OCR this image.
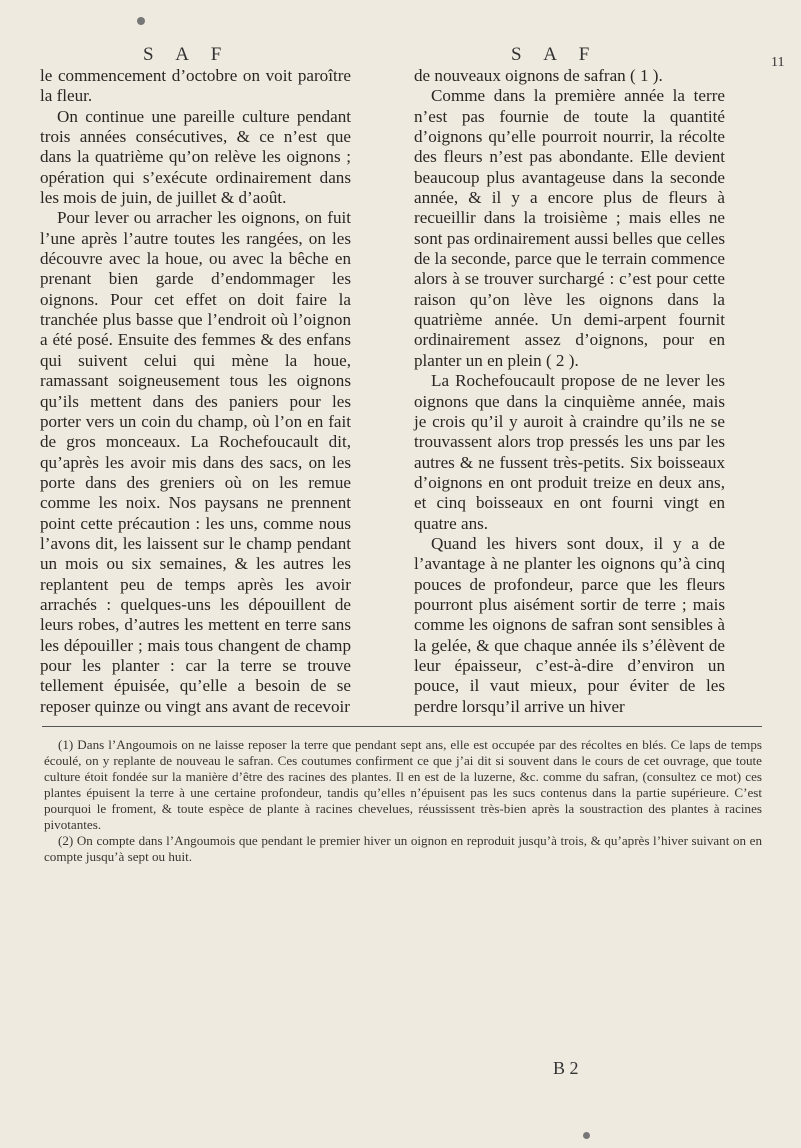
S A F	S A F	11

le commencement d’octobre on voit paroître la fleur.

On continue une pareille culture pendant trois années consécutives, & ce n’est que dans la quatrième qu’on relève les oignons ; opération qui s’exécute ordinairement dans les mois de juin, de juillet & d’août.

Pour lever ou arracher les oignons, on fuit l’une après l’autre toutes les rangées, on les découvre avec la houe, ou avec la bêche en prenant bien garde d’endommager les oignons. Pour cet effet on doit faire la tranchée plus basse que l’endroit où l’oignon a été posé. Ensuite des femmes & des enfans qui suivent celui qui mène la houe, ramassant soigneusement tous les oignons qu’ils mettent dans des paniers pour les porter vers un coin du champ, où l’on en fait de gros monceaux. La Rochefoucault dit, qu’après les avoir mis dans des sacs, on les porte dans des greniers où on les remue comme les noix. Nos paysans ne prennent point cette précaution : les uns, comme nous l’avons dit, les laissent sur le champ pendant un mois ou six semaines, & les autres les replantent peu de temps après les avoir arrachés : quelques-uns les dépouillent de leurs robes, d’autres les mettent en terre sans les dépouiller ; mais tous changent de champ pour les planter : car la terre se trouve tellement épuisée, qu’elle a besoin de se reposer quinze ou vingt ans avant de recevoir

de nouveaux oignons de safran ( 1 ).

Comme dans la première année la terre n’est pas fournie de toute la quantité d’oignons qu’elle pourroit nourrir, la récolte des fleurs n’est pas abondante. Elle devient beaucoup plus avantageuse dans la seconde année, & il y a encore plus de fleurs à recueillir dans la troisième ; mais elles ne sont pas ordinairement aussi belles que celles de la seconde, parce que le terrain commence alors à se trouver surchargé : c’est pour cette raison qu’on lève les oignons dans la quatrième année. Un demi-arpent fournit ordinairement assez d’oignons, pour en planter un en plein ( 2 ).

La Rochefoucault propose de ne lever les oignons que dans la cinquième année, mais je crois qu’il y auroit à craindre qu’ils ne se trouvassent alors trop pressés les uns par les autres & ne fussent très-petits. Six boisseaux d’oignons en ont produit treize en deux ans, et cinq boisseaux en ont fourni vingt en quatre ans.

Quand les hivers sont doux, il y a de l’avantage à ne planter les oignons qu’à cinq pouces de profondeur, parce que les fleurs pourront plus aisément sortir de terre ; mais comme les oignons de safran sont sensibles à la gelée, & que chaque année ils s’élèvent de leur épaisseur, c’est-à-dire d’environ un pouce, il vaut mieux, pour éviter de les perdre lorsqu’il arrive un hiver

(1) Dans l’Angoumois on ne laisse reposer la terre que pendant sept ans, elle est occupée par des récoltes en blés. Ce laps de temps écoulé, on y replante de nouveau le safran. Ces coutumes confirment ce que j’ai dit si souvent dans le cours de cet ouvrage, que toute culture étoit fondée sur la manière d’être des racines des plantes. Il en est de la luzerne, &c. comme du safran, (consultez ce mot) ces plantes épuisent la terre à une certaine profondeur, tandis qu’elles n’épuisent pas les sucs contenus dans la partie supérieure. C’est pourquoi le froment, & toute espèce de plante à racines chevelues, réussissent très-bien après la soustraction des plantes à racines pivotantes.

(2) On compte dans l’Angoumois que pendant le premier hiver un oignon en reproduit jusqu’à trois, & qu’après l’hiver suivant on en compte jusqu’à sept ou huit.

B 2
